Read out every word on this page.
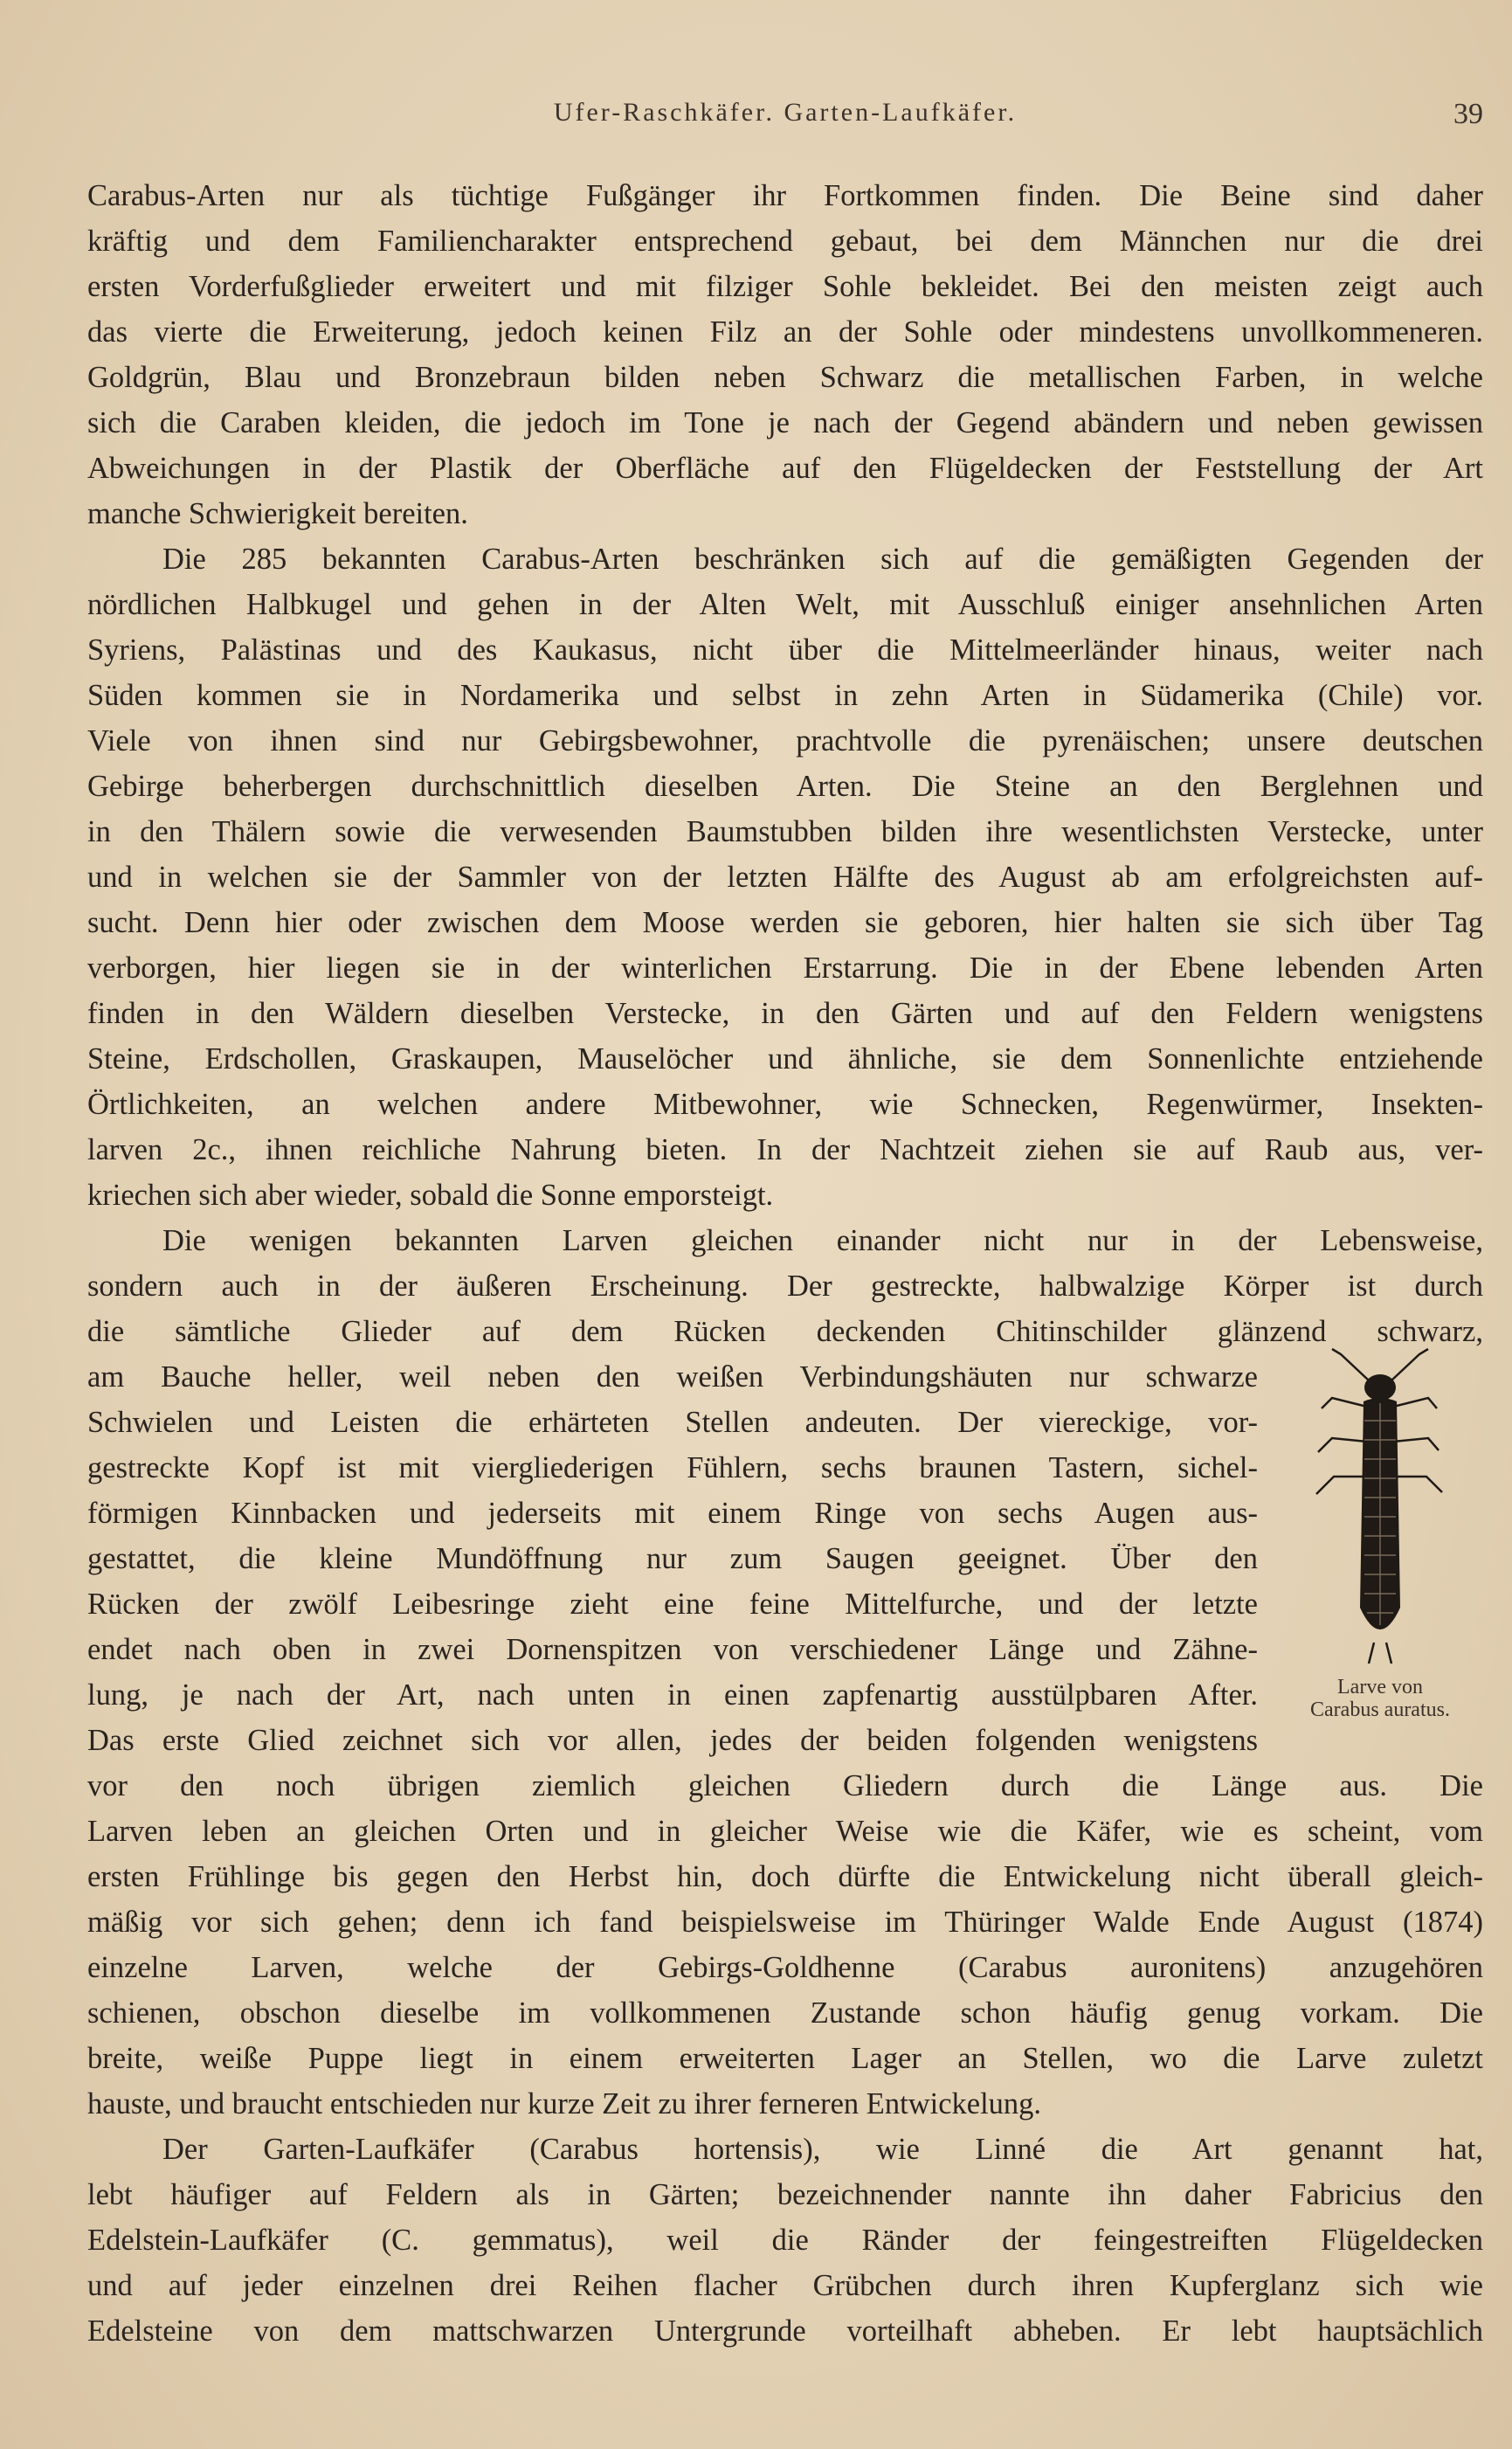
Ufer-Raschkäfer. Garten-Laufkäfer.	39
Carabus-Arten nur als tüchtige Fußgänger ihr Fortkommen finden. Die Beine sind daher
kräftig und dem Familiencharakter entsprechend gebaut, bei dem Männchen nur die drei
ersten Vorderfußglieder erweitert und mit filziger Sohle bekleidet. Bei den meisten zeigt auch
das vierte die Erweiterung, jedoch keinen Filz an der Sohle oder mindestens unvollkommeneren.
Goldgrün, Blau und Bronzebraun bilden neben Schwarz die metallischen Farben, in welche
sich die Caraben kleiden, die jedoch im Tone je nach der Gegend abändern und neben gewissen
Abweichungen in der Plastik der Oberfläche auf den Flügeldecken der Feststellung der Art
manche Schwierigkeit bereiten.
Die 285 bekannten Carabus-Arten beschränken sich auf die gemäßigten Gegenden der
nördlichen Halbkugel und gehen in der Alten Welt, mit Ausschluß einiger ansehnlichen Arten
Syriens, Palästinas und des Kaukasus, nicht über die Mittelmeerländer hinaus, weiter nach
Süden kommen sie in Nordamerika und selbst in zehn Arten in Südamerika (Chile) vor.
Viele von ihnen sind nur Gebirgsbewohner, prachtvolle die pyrenäischen; unsere deutschen
Gebirge beherbergen durchschnittlich dieselben Arten. Die Steine an den Berglehnen und
in den Thälern sowie die verwesenden Baumstubben bilden ihre wesentlichsten Verstecke, unter
und in welchen sie der Sammler von der letzten Hälfte des August ab am erfolgreichsten auf-
sucht. Denn hier oder zwischen dem Moose werden sie geboren, hier halten sie sich über Tag
verborgen, hier liegen sie in der winterlichen Erstarrung. Die in der Ebene lebenden Arten
finden in den Wäldern dieselben Verstecke, in den Gärten und auf den Feldern wenigstens
Steine, Erdschollen, Graskaupen, Mauselöcher und ähnliche, sie dem Sonnenlichte entziehende
Örtlichkeiten, an welchen andere Mitbewohner, wie Schnecken, Regenwürmer, Insekten-
larven 2c., ihnen reichliche Nahrung bieten. In der Nachtzeit ziehen sie auf Raub aus, ver-
kriechen sich aber wieder, sobald die Sonne emporsteigt.
Die wenigen bekannten Larven gleichen einander nicht nur in der Lebensweise,
sondern auch in der äußeren Erscheinung. Der gestreckte, halbwalzige Körper ist durch
die sämtliche Glieder auf dem Rücken deckenden Chitinschilder glänzend schwarz,
am Bauche heller, weil neben den weißen Verbindungshäuten nur schwarze
Schwielen und Leisten die erhärteten Stellen andeuten. Der viereckige, vor-
gestreckte Kopf ist mit viergliederigen Fühlern, sechs braunen Tastern, sichel-
förmigen Kinnbacken und jederseits mit einem Ringe von sechs Augen aus-
gestattet, die kleine Mundöffnung nur zum Saugen geeignet. Über den
Rücken der zwölf Leibesringe zieht eine feine Mittelfurche, und der letzte
endet nach oben in zwei Dornenspitzen von verschiedener Länge und Zähne-
lung, je nach der Art, nach unten in einen zapfenartig ausstülpbaren After.
Das erste Glied zeichnet sich vor allen, jedes der beiden folgenden wenigstens
vor den noch übrigen ziemlich gleichen Gliedern durch die Länge aus. Die
Larven leben an gleichen Orten und in gleicher Weise wie die Käfer, wie es scheint, vom
ersten Frühlinge bis gegen den Herbst hin, doch dürfte die Entwickelung nicht überall gleich-
mäßig vor sich gehen; denn ich fand beispielsweise im Thüringer Walde Ende August (1874)
einzelne Larven, welche der Gebirgs-Goldhenne (Carabus auronitens) anzugehören
schienen, obschon dieselbe im vollkommenen Zustande schon häufig genug vorkam. Die
breite, weiße Puppe liegt in einem erweiterten Lager an Stellen, wo die Larve zuletzt
hauste, und braucht entschieden nur kurze Zeit zu ihrer ferneren Entwickelung.
Der Garten-Laufkäfer (Carabus hortensis), wie Linné die Art genannt hat,
lebt häufiger auf Feldern als in Gärten; bezeichnender nannte ihn daher Fabricius den
Edelstein-Laufkäfer (C. gemmatus), weil die Ränder der feingestreiften Flügeldecken
und auf jeder einzelnen drei Reihen flacher Grübchen durch ihren Kupferglanz sich wie
Edelsteine von dem mattschwarzen Untergrunde vorteilhaft abheben. Er lebt hauptsächlich
Larve von
Carabus auratus.
